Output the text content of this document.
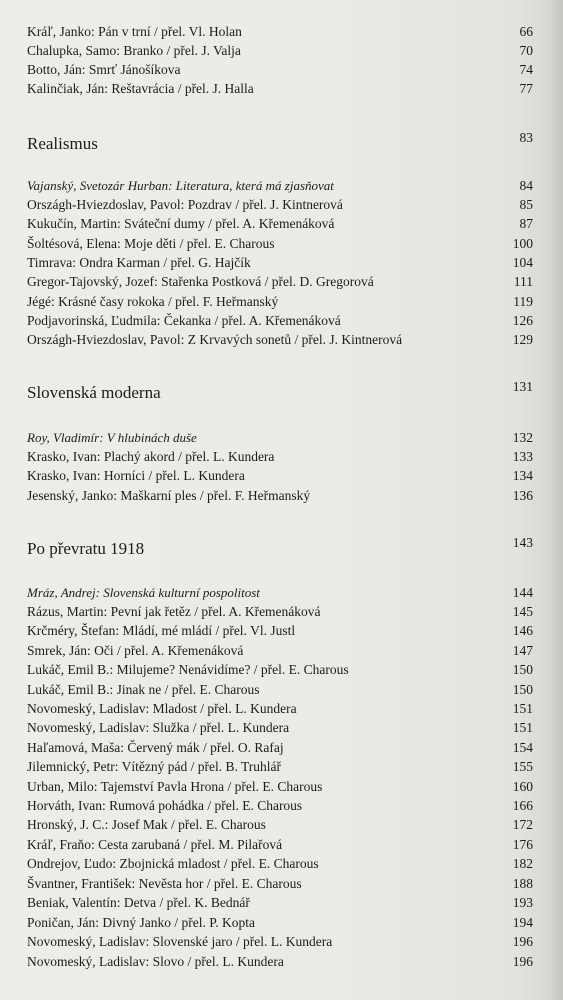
Kráľ, Janko: Pán v trní / přel. Vl. Holan	66
Chalupka, Samo: Branko / přel. J. Valja	70
Botto, Ján: Smrť Jánošíkova	74
Kalinčiak, Ján: Reštavrácia / přel. J. Halla	77
Realismus	83
Vajanský, Svetozár Hurban: Literatura, která má zjasňovat	84
Országh-Hviezdoslav, Pavol: Pozdrav / přel. J. Kintnerová	85
Kukučín, Martin: Sváteční dumy / přel. A. Křemenáková	87
Šoltésová, Elena: Moje děti / přel. E. Charous	100
Timrava: Ondra Karman / přel. G. Hajčík	104
Gregor-Tajovský, Jozef: Stařenka Postková / přel. D. Gregorová	111
Jégé: Krásné časy rokoka / přel. F. Heřmanský	119
Podjavorinská, Ľudmila: Čekanka / přel. A. Křemenáková	126
Országh-Hviezdoslav, Pavol: Z Krvavých sonetů / přel. J. Kintnerová	129
Slovenská moderna	131
Roy, Vladimír: V hlubinách duše	132
Krasko, Ivan: Plachý akord / přel. L. Kundera	133
Krasko, Ivan: Horníci / přel. L. Kundera	134
Jesenský, Janko: Maškarní ples / přel. F. Heřmanský	136
Po převratu 1918	143
Mráz, Andrej: Slovenská kulturní pospolitost	144
Rázus, Martin: Pevní jak řetěz / přel. A. Křemenáková	145
Krčméry, Štefan: Mládí, mé mládí / přel. Vl. Justl	146
Smrek, Ján: Oči / přel. A. Křemenáková	147
Lukáč, Emil B.: Milujeme? Nenávidíme? / přel. E. Charous	150
Lukáč, Emil B.: Jinak ne / přel. E. Charous	150
Novomeský, Ladislav: Mladost / přel. L. Kundera	151
Novomeský, Ladislav: Služka / přel. L. Kundera	151
Haľamová, Maša: Červený mák / přel. O. Rafaj	154
Jilemnický, Petr: Vítězný pád / přel. B. Truhlář	155
Urban, Milo: Tajemství Pavla Hrona / přel. E. Charous	160
Horváth, Ivan: Rumová pohádka / přel. E. Charous	166
Hronský, J. C.: Josef Mak / přel. E. Charous	172
Kráľ, Fraňo: Cesta zarubaná / přel. M. Pilařová	176
Ondrejov, Ľudo: Zbojnická mladost / přel. E. Charous	182
Švantner, František: Nevěsta hor / přel. E. Charous	188
Beniak, Valentín: Detva / přel. K. Bednář	193
Poničan, Ján: Divný Janko / přel. P. Kopta	194
Novomeský, Ladislav: Slovenské jaro / přel. L. Kundera	196
Novomeský, Ladislav: Slovo / přel. L. Kundera	196
